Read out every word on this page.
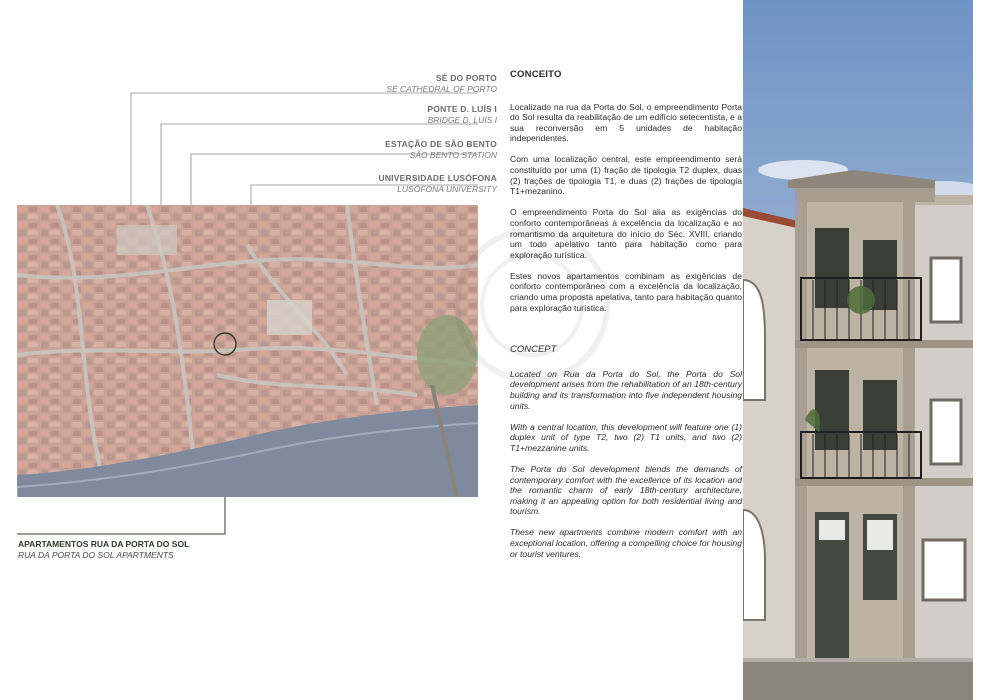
SÉ DO PORTO
SÉ CATHEDRAL OF PORTO
PONTE D. LUÍS I
BRIDGE D. LUÍS I
ESTAÇÃO DE SÃO BENTO
SÃO BENTO STATION
UNIVERSIDADE LUSÓFONA
LUSÓFONA UNIVERSITY
APARTAMENTOS RUA DA PORTA DO SOL
RUA DA PORTA DO SOL APARTMENTS
CONCEITO

Localizado na rua da Porta do Sol, o empreendimento Porta do Sol resulta da reabilitação de um edifício setecentista, e a sua reconversão em 5 unidades de habitação independentes.

Com uma localização central, este empreendimento será constituído por uma (1) fração de tipologia T2 duplex, duas (2) frações de tipologia T1, e duas (2) frações de tipologia T1+mezanino.

O empreendimento Porta do Sol alia as exigências do conforto contemporâneas à excelência da localização e ao romantismo da arquitetura do início do Séc. XVIII, criando um todo apelativo tanto para habitação como para exploração turística.

Estes novos apartamentos combinam as exigências de conforto contemporâneo com a excelência da localização, criando uma proposta apelativa, tanto para habitação quanto para exploração turística.

CONCEPT

Located on Rua da Porta do Sol, the Porta do Sol development arises from the rehabilitation of an 18th-century building and its transformation into five independent housing units.

With a central location, this development will feature one (1) duplex unit of type T2, two (2) T1 units, and two (2) T1+mezzanine units.

The Porta do Sol development blends the demands of contemporary comfort with the excellence of its location and the romantic charm of early 18th-century architecture, making it an appealing option for both residential living and tourism.

These new apartments combine modern comfort with an exceptional location, offering a compelling choice for housing or tourist ventures.
